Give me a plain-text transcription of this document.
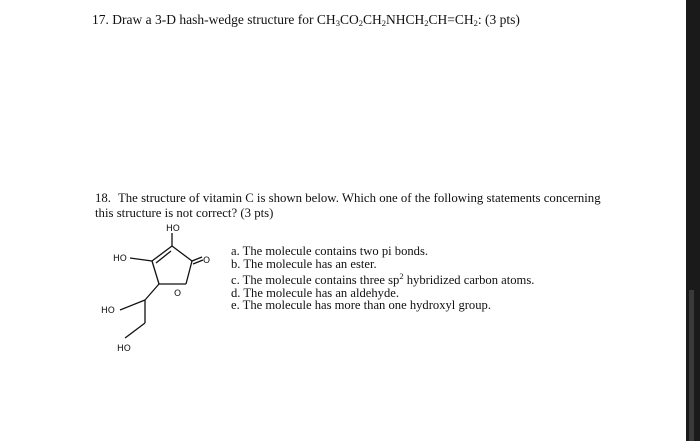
17. Draw a 3-D hash-wedge structure for $CH_3CO_2CH_2NHCH_2CH=CH_2$: (3 pts)
18. The structure of vitamin C is shown below. Which one of the following statements concerning this structure is not correct? (3 pts)
HO
HO	O
O
HO
HO
a. The molecule contains two pi bonds.
b. The molecule has an ester.
c. The molecule contains three $sp^2$ hybridized carbon atoms.
d. The molecule has an aldehyde.
e. The molecule has more than one hydroxyl group.
